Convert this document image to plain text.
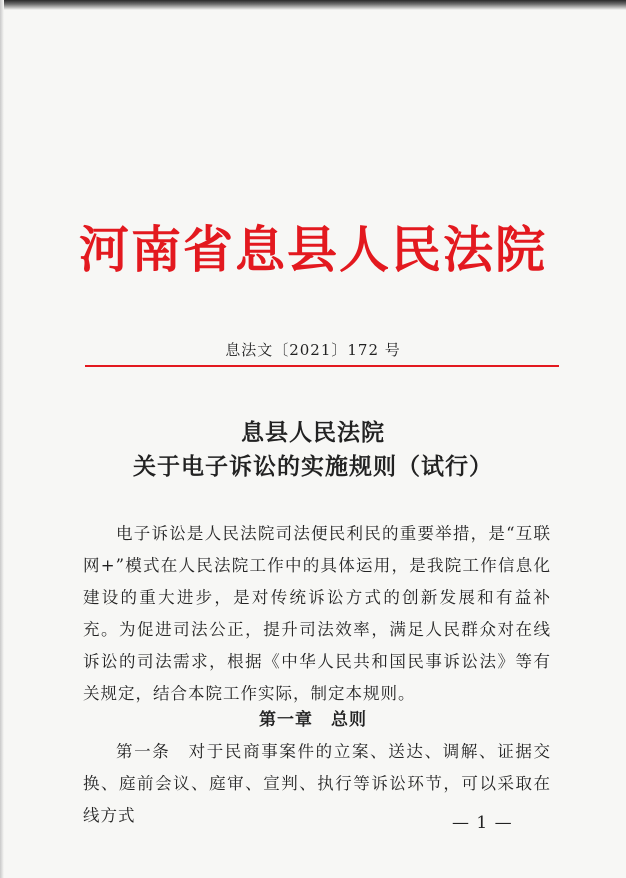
河南省息县人民法院
息法文〔2021〕172 号
息县人民法院
关于电子诉讼的实施规则（试行）
电子诉讼是人民法院司法便民利民的重要举措，是“互联网+”模式在人民法院工作中的具体运用，是我院工作信息化建设的重大进步，是对传统诉讼方式的创新发展和有益补充。为促进司法公正，提升司法效率，满足人民群众对在线诉讼的司法需求，根据《中华人民共和国民事诉讼法》等有关规定，结合本院工作实际，制定本规则。
第一章　总则
第一条　对于民商事案件的立案、送达、调解、证据交换、庭前会议、庭审、宣判、执行等诉讼环节，可以采取在线方式	— 1 —
